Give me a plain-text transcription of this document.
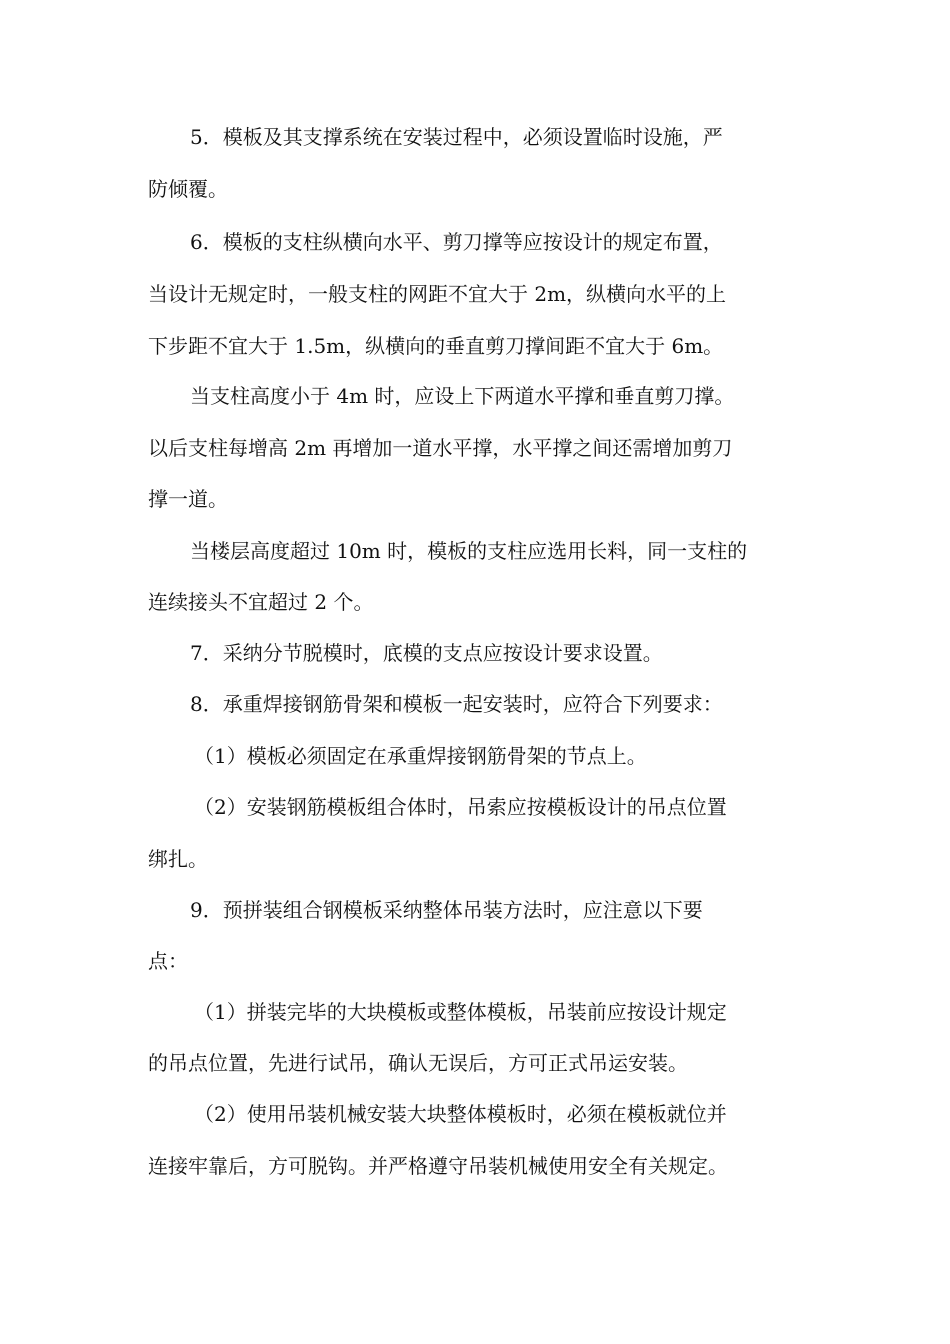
5．模板及其支撑系统在安装过程中，必须设置临时设施，严
防倾覆。
6．模板的支柱纵横向水平、剪刀撑等应按设计的规定布置，
当设计无规定时，一般支柱的网距不宜大于 2m，纵横向水平的上
下步距不宜大于 1.5m，纵横向的垂直剪刀撑间距不宜大于 6m。
当支柱高度小于 4m 时，应设上下两道水平撑和垂直剪刀撑。
以后支柱每增高 2m 再增加一道水平撑，水平撑之间还需增加剪刀
撑一道。
当楼层高度超过 10m 时，模板的支柱应选用长料，同一支柱的
连续接头不宜超过 2 个。
7．采纳分节脱模时，底模的支点应按设计要求设置。
8．承重焊接钢筋骨架和模板一起安装时，应符合下列要求：
（1）模板必须固定在承重焊接钢筋骨架的节点上。
（2）安装钢筋模板组合体时，吊索应按模板设计的吊点位置
绑扎。
9．预拼装组合钢模板采纳整体吊装方法时，应注意以下要
点：
（1）拼装完毕的大块模板或整体模板，吊装前应按设计规定
的吊点位置，先进行试吊，确认无误后，方可正式吊运安装。
（2）使用吊装机械安装大块整体模板时，必须在模板就位并
连接牢靠后，方可脱钩。并严格遵守吊装机械使用安全有关规定。
